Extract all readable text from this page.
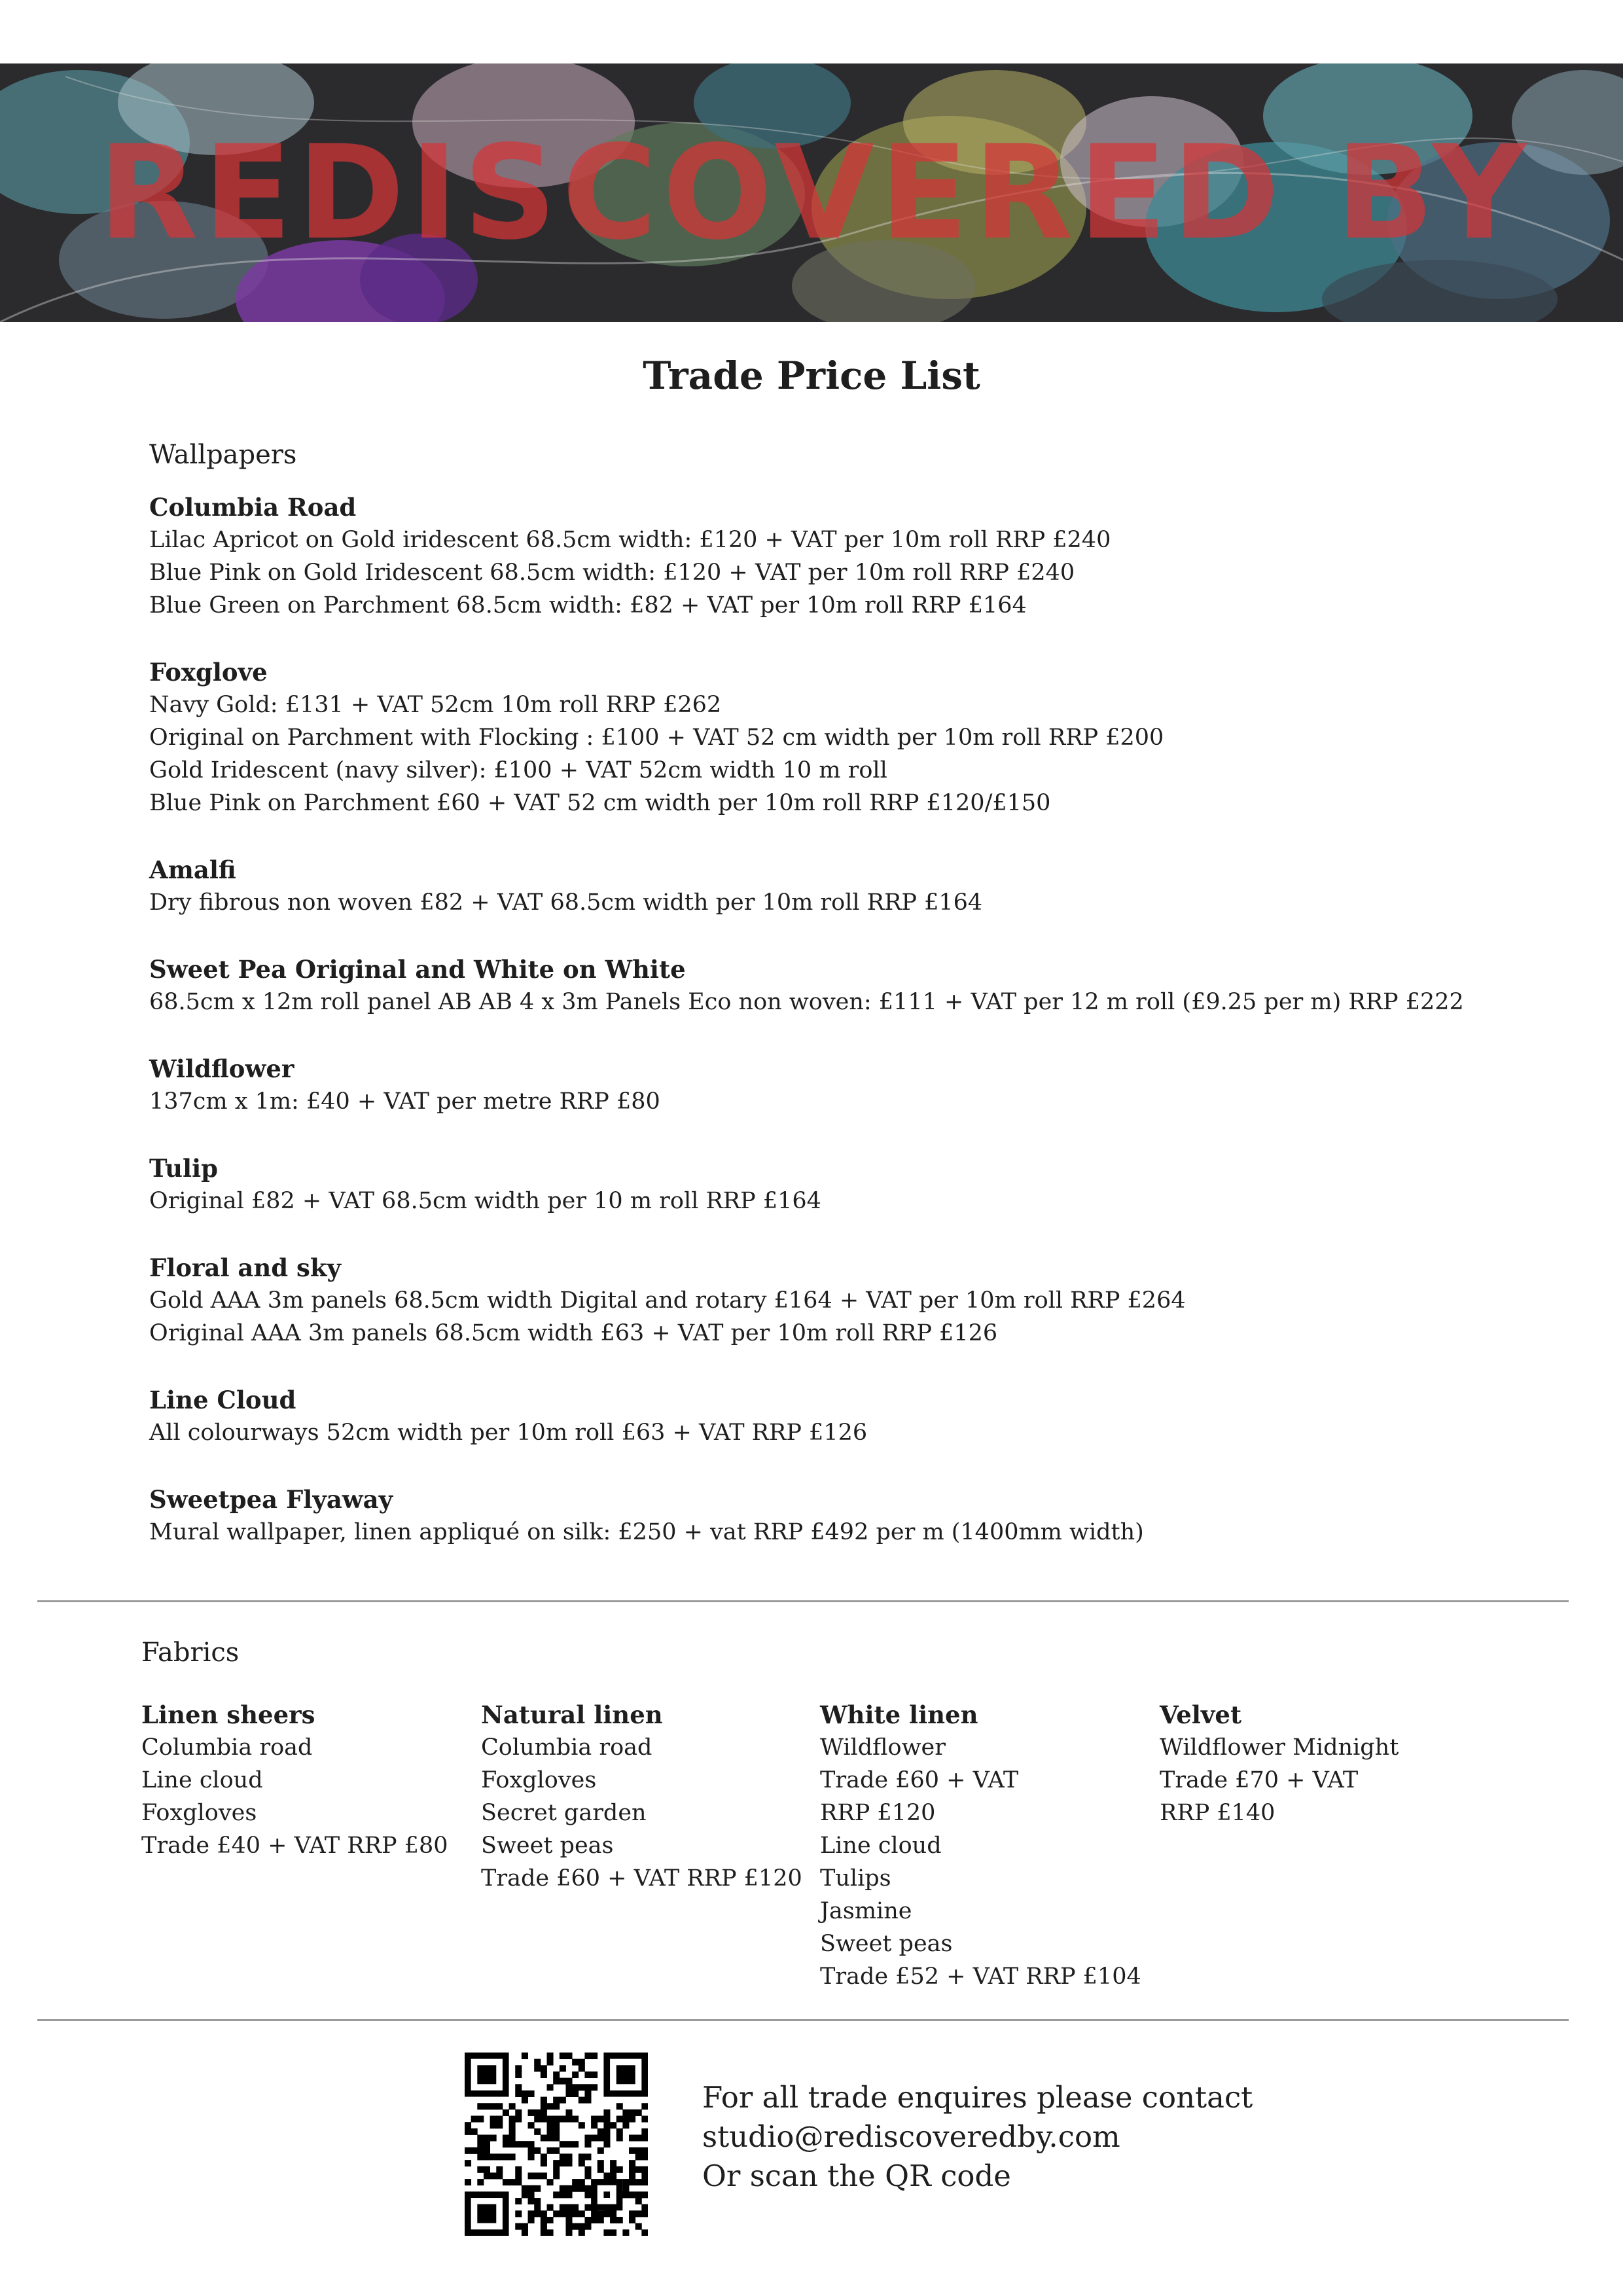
REDISCOVERED BY
Trade Price List
Wallpapers
Columbia Road
Lilac Apricot on Gold iridescent 68.5cm width: £120 + VAT per 10m roll RRP £240
Blue Pink on Gold Iridescent 68.5cm width: £120 + VAT per 10m roll RRP £240
Blue Green on Parchment 68.5cm width: £82 + VAT per 10m roll RRP £164
Foxglove
Navy Gold: £131 + VAT 52cm 10m roll RRP £262
Original on Parchment with Flocking : £100 + VAT 52 cm width per 10m roll RRP £200
Gold Iridescent (navy silver): £100 + VAT 52cm width 10 m roll
Blue Pink on Parchment £60 + VAT 52 cm width per 10m roll RRP £120/£150
Amalfi
Dry fibrous non woven £82 + VAT 68.5cm width per 10m roll RRP £164
Sweet Pea Original and White on White
68.5cm x 12m roll panel AB AB 4 x 3m Panels Eco non woven: £111 + VAT per 12 m roll (£9.25 per m) RRP £222
Wildflower
137cm x 1m: £40 + VAT per metre RRP £80
Tulip
Original £82 + VAT 68.5cm width per 10 m roll RRP £164
Floral and sky
Gold AAA 3m panels 68.5cm width Digital and rotary £164 + VAT per 10m roll RRP £264
Original AAA 3m panels 68.5cm width £63 + VAT per 10m roll RRP £126
Line Cloud
All colourways 52cm width per 10m roll £63 + VAT RRP £126
Sweetpea Flyaway
Mural wallpaper, linen appliqué on silk: £250 + vat RRP £492 per m (1400mm width)
Fabrics
Linen sheers
Columbia road
Line cloud
Foxgloves
Trade £40 + VAT RRP £80
Natural linen
Columbia road
Foxgloves
Secret garden
Sweet peas
Trade £60 + VAT RRP £120
White linen
Wildflower
Trade £60 + VAT
RRP £120
Line cloud
Tulips
Jasmine
Sweet peas
Trade £52 + VAT RRP £104
Velvet
Wildflower Midnight
Trade £70 + VAT
RRP £140
For all trade enquires please contact
studio@rediscoveredby.com
Or scan the QR code
